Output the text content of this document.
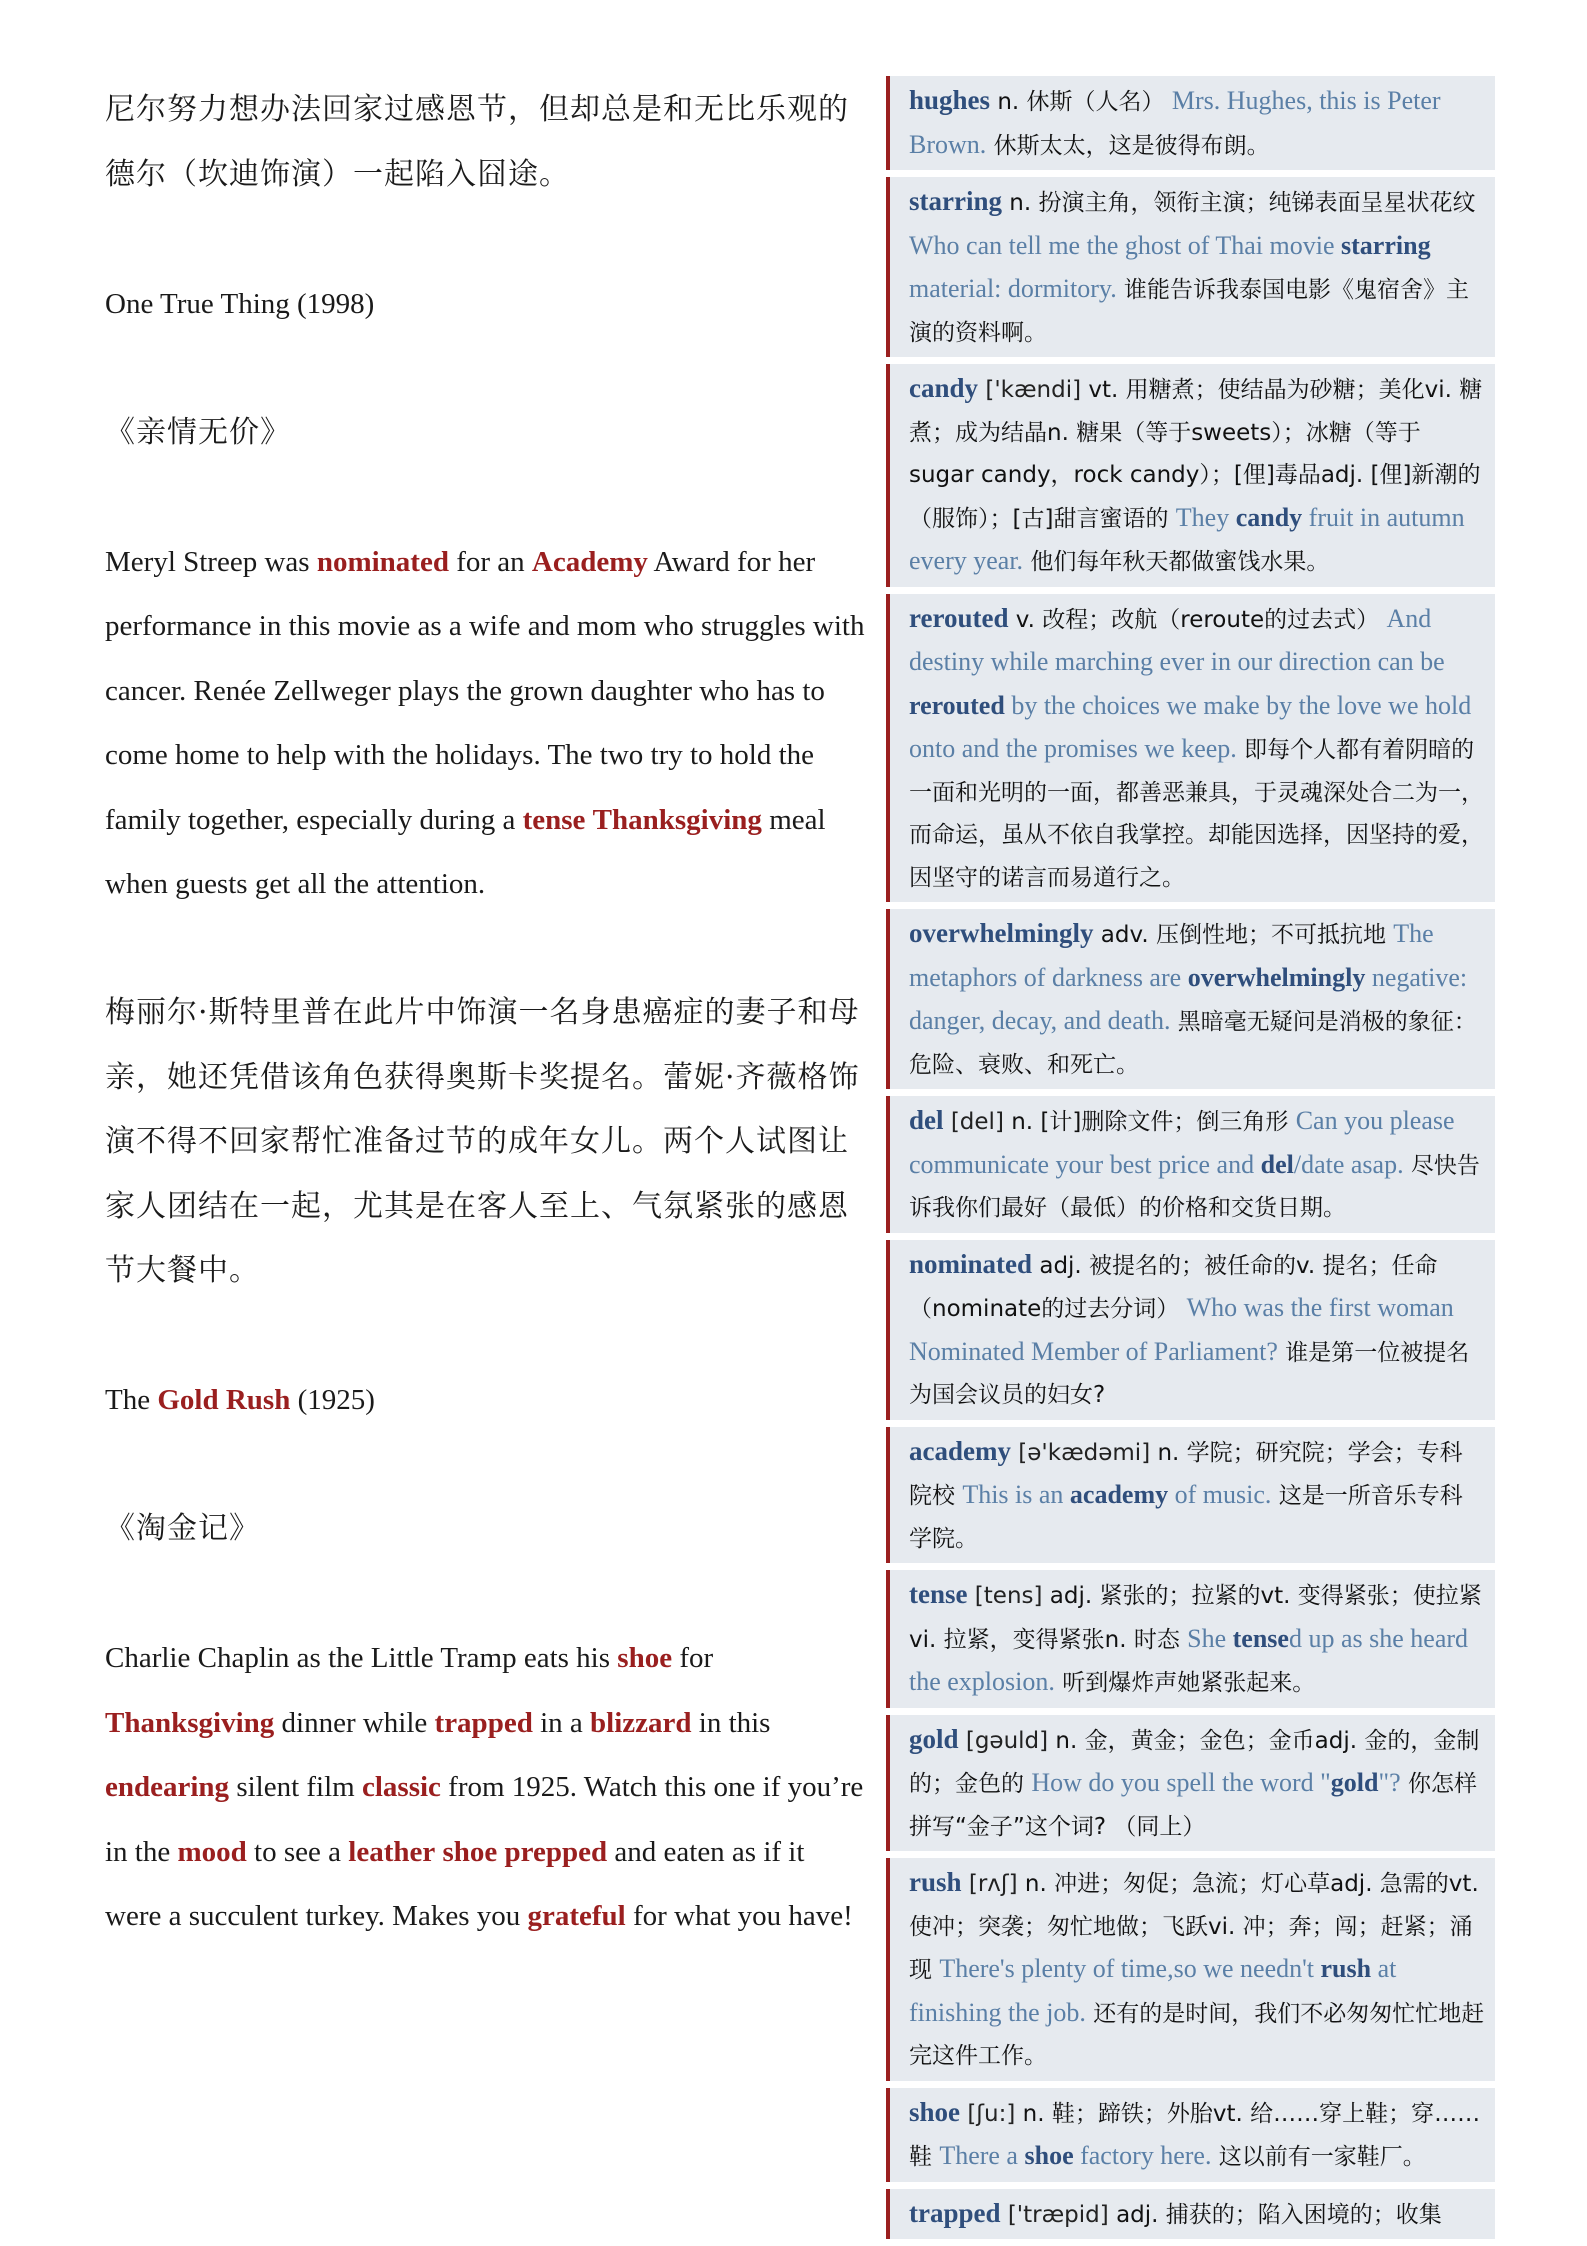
尼尔努力想办法回家过感恩节，但却总是和无比乐观的德尔（坎迪饰演）一起陷入囧途。

One True Thing (1998)

《亲情无价》

Meryl Streep was nominated for an Academy Award for her performance in this movie as a wife and mom who struggles with cancer. Renée Zellweger plays the grown daughter who has to come home to help with the holidays. The two try to hold the family together, especially during a tense Thanksgiving meal when guests get all the attention.

梅丽尔·斯特里普在此片中饰演一名身患癌症的妻子和母亲，她还凭借该角色获得奥斯卡奖提名。蕾妮·齐薇格饰演不得不回家帮忙准备过节的成年女儿。两个人试图让家人团结在一起，尤其是在客人至上、气氛紧张的感恩节大餐中。

The Gold Rush (1925)

《淘金记》

Charlie Chaplin as the Little Tramp eats his shoe for Thanksgiving dinner while trapped in a blizzard in this endearing silent film classic from 1925. Watch this one if you’re in the mood to see a leather shoe prepped and eaten as if it were a succulent turkey. Makes you grateful for what you have!

hughes n. 休斯（人名） Mrs. Hughes, this is Peter Brown. 休斯太太，这是彼得布朗。
starring n. 扮演主角，领衔主演；纯锑表面呈星状花纹 Who can tell me the ghost of Thai movie starring material: dormitory. 谁能告诉我泰国电影《鬼宿舍》主演的资料啊。
candy ['kændi] vt. 用糖煮；使结晶为砂糖；美化vi. 糖煮；成为结晶n. 糖果（等于sweets）；冰糖（等于sugar candy，rock candy）；[俚]毒品adj. [俚]新潮的（服饰）；[古]甜言蜜语的 They candy fruit in autumn every year. 他们每年秋天都做蜜饯水果。
rerouted v. 改程；改航（reroute的过去式） And destiny while marching ever in our direction can be rerouted by the choices we make by the love we hold onto and the promises we keep. 即每个人都有着阴暗的一面和光明的一面，都善恶兼具，于灵魂深处合二为一，而命运，虽从不依自我掌控。却能因选择，因坚持的爱，因坚守的诺言而易道行之。
overwhelmingly adv. 压倒性地；不可抵抗地 The metaphors of darkness are overwhelmingly negative: danger, decay, and death. 黑暗毫无疑问是消极的象征：危险、衰败、和死亡。
del [del] n. [计]删除文件；倒三角形 Can you please communicate your best price and del/date asap. 尽快告诉我你们最好（最低）的价格和交货日期。
nominated adj. 被提名的；被任命的v. 提名；任命（nominate的过去分词） Who was the first woman Nominated Member of Parliament? 谁是第一位被提名为国会议员的妇女?
academy [ə'kædəmi] n. 学院；研究院；学会；专科院校 This is an academy of music. 这是一所音乐专科学院。
tense [tens] adj. 紧张的；拉紧的vt. 变得紧张；使拉紧vi. 拉紧，变得紧张n. 时态 She tensed up as she heard the explosion. 听到爆炸声她紧张起来。
gold [gəuld] n. 金，黄金；金色；金币adj. 金的，金制的；金色的 How do you spell the word "gold"? 你怎样拼写“金子”这个词? （同上）
rush [rʌʃ] n. 冲进；匆促；急流；灯心草adj. 急需的vt. 使冲；突袭；匆忙地做；飞跃vi. 冲；奔；闯；赶紧；涌现 There's plenty of time,so we needn't rush at finishing the job. 还有的是时间，我们不必匆匆忙忙地赶完这件工作。
shoe [ʃu:] n. 鞋；蹄铁；外胎vt. 给……穿上鞋；穿……鞋 There a shoe factory here. 这以前有一家鞋厂。
trapped ['træpid] adj. 捕获的；陷入困境的；收集
